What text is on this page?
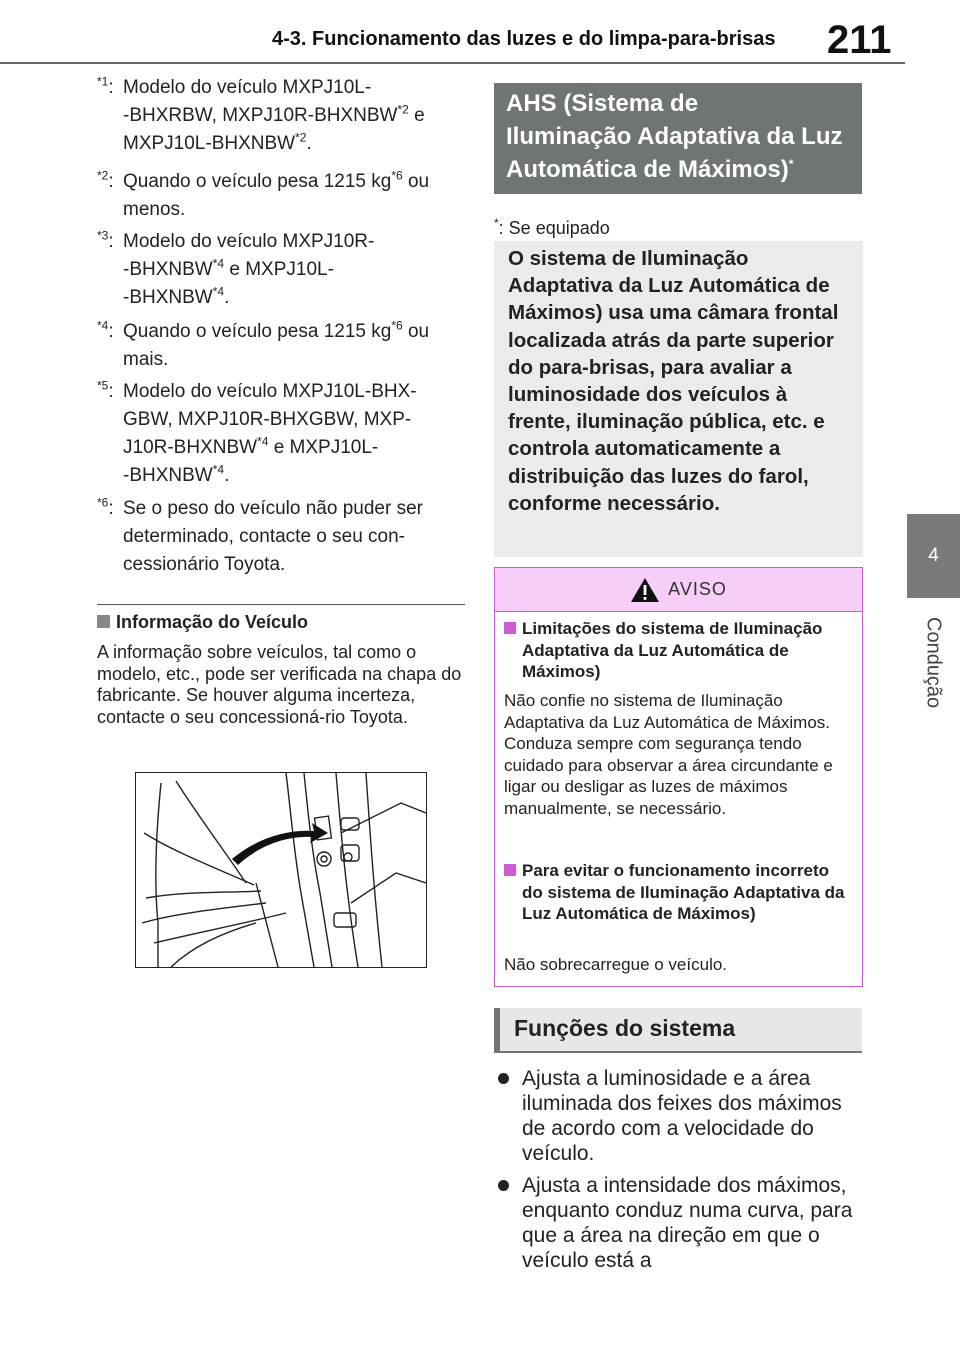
4-3. Funcionamento das luzes e do limpa-para-brisas 211
4
Condução
$^{*1}$: Modelo do veículo MXPJ10L-
-BHXRBW, MXPJ10R-BHXNBW$^{*2}$ e
MXPJ10L-BHXNBW$^{*2}$.
$^{*2}$: Quando o veículo pesa 1215 $kg^{*6}$ ou
menos.
$^{*3}$: Modelo do veículo MXPJ10R-
-BHXNBW$^{*4}$ e MXPJ10L-
-BHXNBW$^{*4}$.
$^{*4}$: Quando o veículo pesa 1215 $kg^{*6}$ ou
mais.
$^{*5}$: Modelo do veículo MXPJ10L-BHX-
GBW, MXPJ10R-BHXGBW, MXP-
J10R-BHXNBW$^{*4}$ e MXPJ10L-
-BHXNBW$^{*4}$.
$^{*6}$: Se o peso do veículo não puder ser
determinado, contacte o seu con-
cessionário Toyota.
Informação do Veículo
A informação sobre veículos, tal como o modelo, etc., pode ser verificada na chapa do fabricante. Se houver alguma incerteza, contacte o seu concessioná-rio Toyota.
AHS (Sistema de
Iluminação Adaptativa da Luz
Automática de Máximos)*
*: Se equipado
O sistema de Iluminação Adaptativa da Luz Automática de Máximos) usa uma câmara frontal localizada atrás da parte superior do para-brisas, para avaliar a luminosidade dos veículos à frente, iluminação pública, etc. e controla automaticamente a distribuição das luzes do farol, conforme necessário.
AVISO
Limitações do sistema de Iluminação Adaptativa da Luz Automática de Máximos)
Não confie no sistema de Iluminação Adaptativa da Luz Automática de Máximos. Conduza sempre com segurança tendo cuidado para observar a área circundante e ligar ou desligar as luzes de máximos manualmente, se necessário.
Para evitar o funcionamento incorreto do sistema de Iluminação Adaptativa da Luz Automática de Máximos)
Não sobrecarregue o veículo.
Funções do sistema
Ajusta a luminosidade e a área iluminada dos feixes dos máximos de acordo com a velocidade do veículo.
Ajusta a intensidade dos máximos, enquanto conduz numa curva, para que a área na direção em que o veículo está a
